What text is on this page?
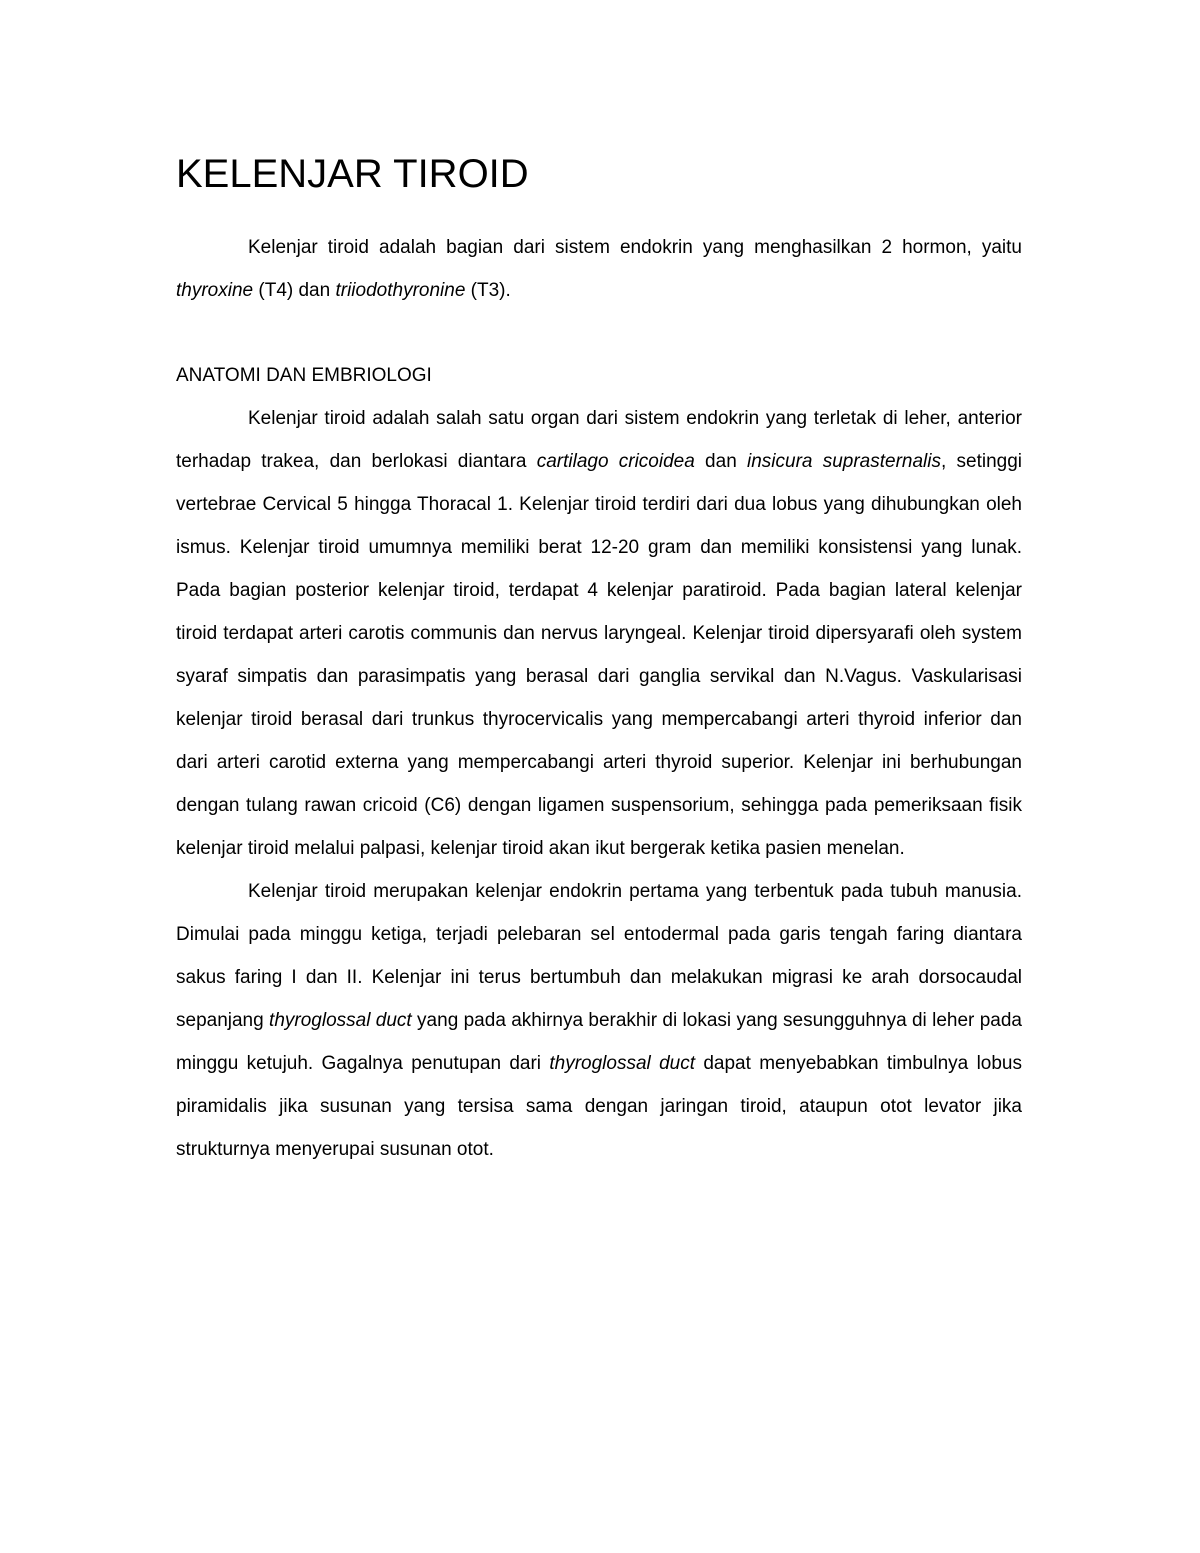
KELENJAR TIROID

Kelenjar tiroid adalah bagian dari sistem endokrin yang menghasilkan 2 hormon, yaitu thyroxine (T4) dan triiodothyronine (T3).

ANATOMI DAN EMBRIOLOGI

Kelenjar tiroid adalah salah satu organ dari sistem endokrin yang terletak di leher, anterior terhadap trakea, dan berlokasi diantara cartilago cricoidea dan insicura suprasternalis, setinggi vertebrae Cervical 5 hingga Thoracal 1. Kelenjar tiroid terdiri dari dua lobus yang dihubungkan oleh ismus. Kelenjar tiroid umumnya memiliki berat 12-20 gram dan memiliki konsistensi yang lunak. Pada bagian posterior kelenjar tiroid, terdapat 4 kelenjar paratiroid. Pada bagian lateral kelenjar tiroid terdapat arteri carotis communis dan nervus laryngeal. Kelenjar tiroid dipersyarafi oleh system syaraf simpatis dan parasimpatis yang berasal dari ganglia servikal dan N.Vagus. Vaskularisasi kelenjar tiroid berasal dari trunkus thyrocervicalis yang mempercabangi arteri thyroid inferior dan dari arteri carotid externa yang mempercabangi arteri thyroid superior. Kelenjar ini berhubungan dengan tulang rawan cricoid (C6) dengan ligamen suspensorium, sehingga pada pemeriksaan fisik kelenjar tiroid melalui palpasi, kelenjar tiroid akan ikut bergerak ketika pasien menelan.

Kelenjar tiroid merupakan kelenjar endokrin pertama yang terbentuk pada tubuh manusia. Dimulai pada minggu ketiga, terjadi pelebaran sel entodermal pada garis tengah faring diantara sakus faring I dan II. Kelenjar ini terus bertumbuh dan melakukan migrasi ke arah dorsocaudal sepanjang thyroglossal duct yang pada akhirnya berakhir di lokasi yang sesungguhnya di leher pada minggu ketujuh. Gagalnya penutupan dari thyroglossal duct dapat menyebabkan timbulnya lobus piramidalis jika susunan yang tersisa sama dengan jaringan tiroid, ataupun otot levator jika strukturnya menyerupai susunan otot.
